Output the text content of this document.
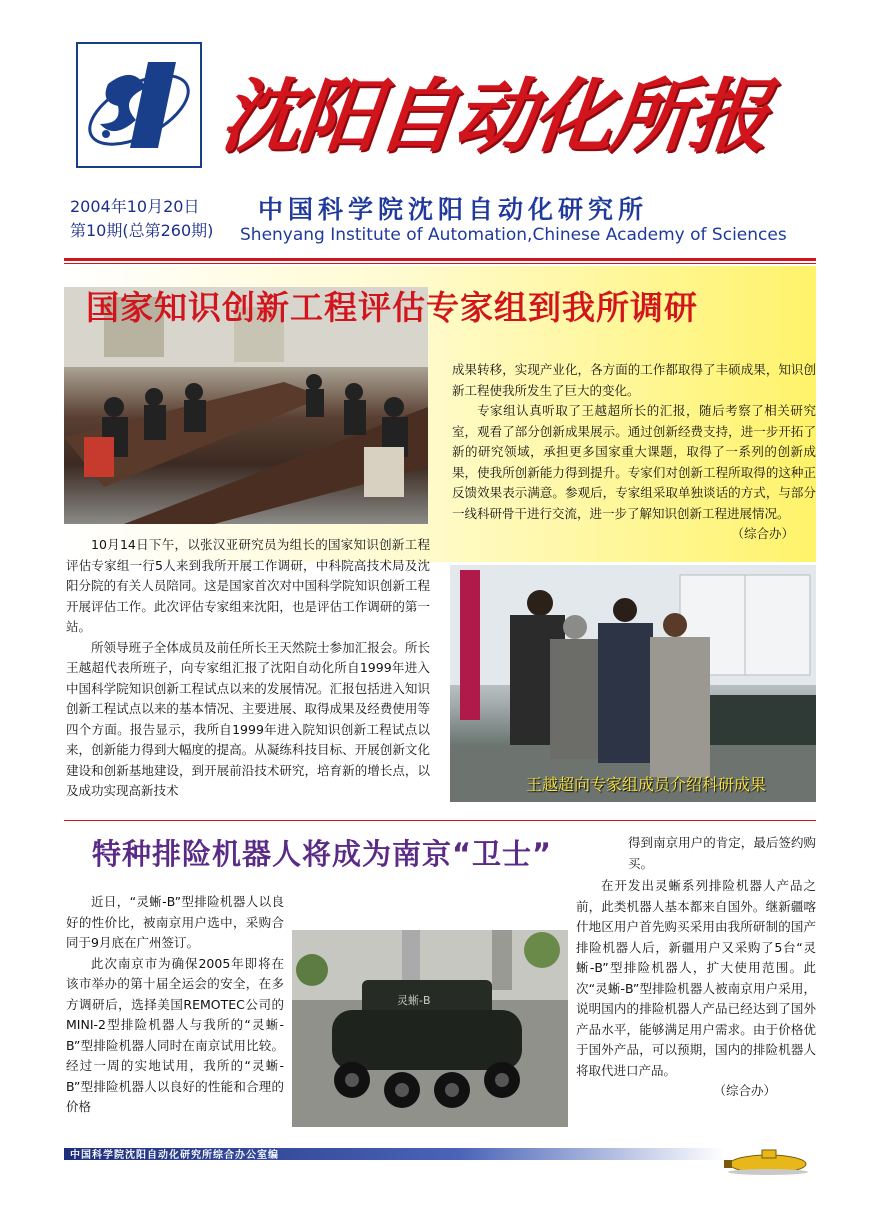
沈阳自动化所报
2004年10月20日
第10期(总第260期)
中国科学院沈阳自动化研究所
Shenyang Institute of Automation,Chinese Academy of Sciences
国家知识创新工程评估专家组到我所调研
成果转移，实现产业化，各方面的工作都取得了丰硕成果，知识创新工程使我所发生了巨大的变化。
专家组认真听取了王越超所长的汇报，随后考察了相关研究室，观看了部分创新成果展示。通过创新经费支持，进一步开拓了新的研究领域，承担更多国家重大课题，取得了一系列的创新成果，使我所创新能力得到提升。专家们对创新工程所取得的这种正反馈效果表示满意。参观后，专家组采取单独谈话的方式，与部分一线科研骨干进行交流，进一步了解知识创新工程进展情况。
（综合办）
10月14日下午，以张汉亚研究员为组长的国家知识创新工程评估专家组一行5人来到我所开展工作调研，中科院高技术局及沈阳分院的有关人员陪同。这是国家首次对中国科学院知识创新工程开展评估工作。此次评估专家组来沈阳，也是评估工作调研的第一站。
所领导班子全体成员及前任所长王天然院士参加汇报会。所长王越超代表所班子，向专家组汇报了沈阳自动化所自1999年进入中国科学院知识创新工程试点以来的发展情况。汇报包括进入知识创新工程试点以来的基本情况、主要进展、取得成果及经费使用等四个方面。报告显示，我所自1999年进入院知识创新工程试点以来，创新能力得到大幅度的提高。从凝练科技目标、开展创新文化建设和创新基地建设，到开展前沿技术研究，培育新的增长点，以及成功实现高新技术	王越超向专家组成员介绍科研成果
特种排险机器人将成为南京“卫士”	得到南京用户的肯定，最后签约购买。
在开发出灵蜥系列排险机器人产品之前，此类机器人基本都来自国外。继新疆喀什地区用户首先购买采用由我所研制的国产排险机器人后，新疆用户又采购了5台“灵蜥-B”型排险机器人，扩大使用范围。此次“灵蜥-B”型排险机器人被南京用户采用，说明国内的排险机器人产品已经达到了国外产品水平，能够满足用户需求。由于价格优于国外产品，可以预期，国内的排险机器人将取代进口产品。
（综合办）
近日，“灵蜥-B”型排险机器人以良好的性价比，被南京用户选中，采购合同于9月底在广州签订。
此次南京市为确保2005年即将在该市举办的第十届全运会的安全，在多方调研后，选择美国REMOTEC公司的MINI-2型排险机器人与我所的“灵蜥-B”型排险机器人同时在南京试用比较。经过一周的实地试用，我所的“灵蜥-B”型排险机器人以良好的性能和合理的价格
灵蜥-B
中国科学院沈阳自动化研究所综合办公室编
